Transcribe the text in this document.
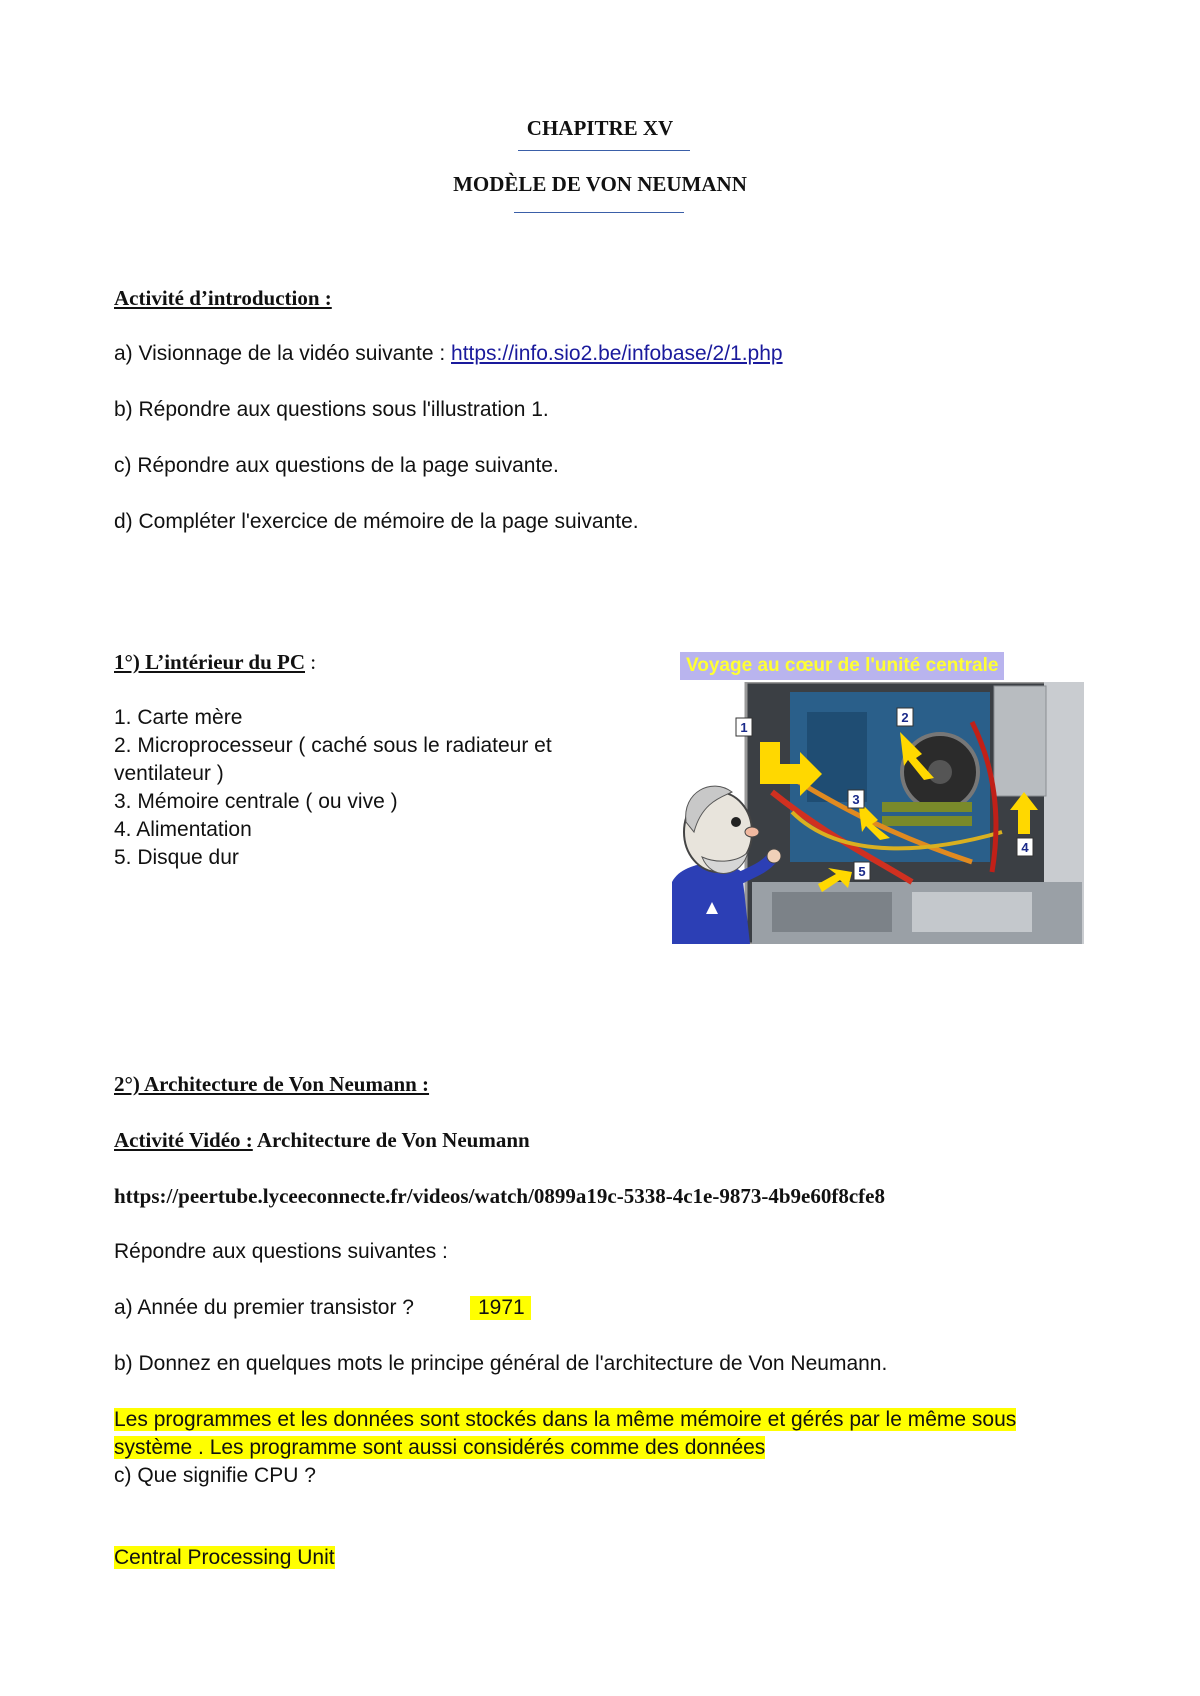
CHAPITRE XV
MODÈLE DE VON NEUMANN
Activité d’introduction :
a) Visionnage de la vidéo suivante : https://info.sio2.be/infobase/2/1.php
b) Répondre aux questions sous l'illustration 1.
c) Répondre aux questions de la page suivante.
d) Compléter l'exercice de mémoire de la page suivante.
1°) L’intérieur du PC :
1. Carte mère
2. Microprocesseur ( caché sous le radiateur et
ventilateur )
3. Mémoire centrale ( ou vive )
4. Alimentation
5. Disque dur
Voyage au cœur de l'unité centrale
1
2
3
4
5
2°) Architecture de Von Neumann :
Activité Vidéo : Architecture de Von Neumann
https://peertube.lyceeconnecte.fr/videos/watch/0899a19c-5338-4c1e-9873-4b9e60f8cfe8
Répondre aux questions suivantes :
a) Année du premier transistor ?	1971
b) Donnez en quelques mots le principe général de l'architecture de Von Neumann.
Les programmes et les données sont stockés dans la même mémoire et gérés par le même sous
système . Les programme sont aussi considérés comme des données
c) Que signifie CPU ?
Central Processing Unit
